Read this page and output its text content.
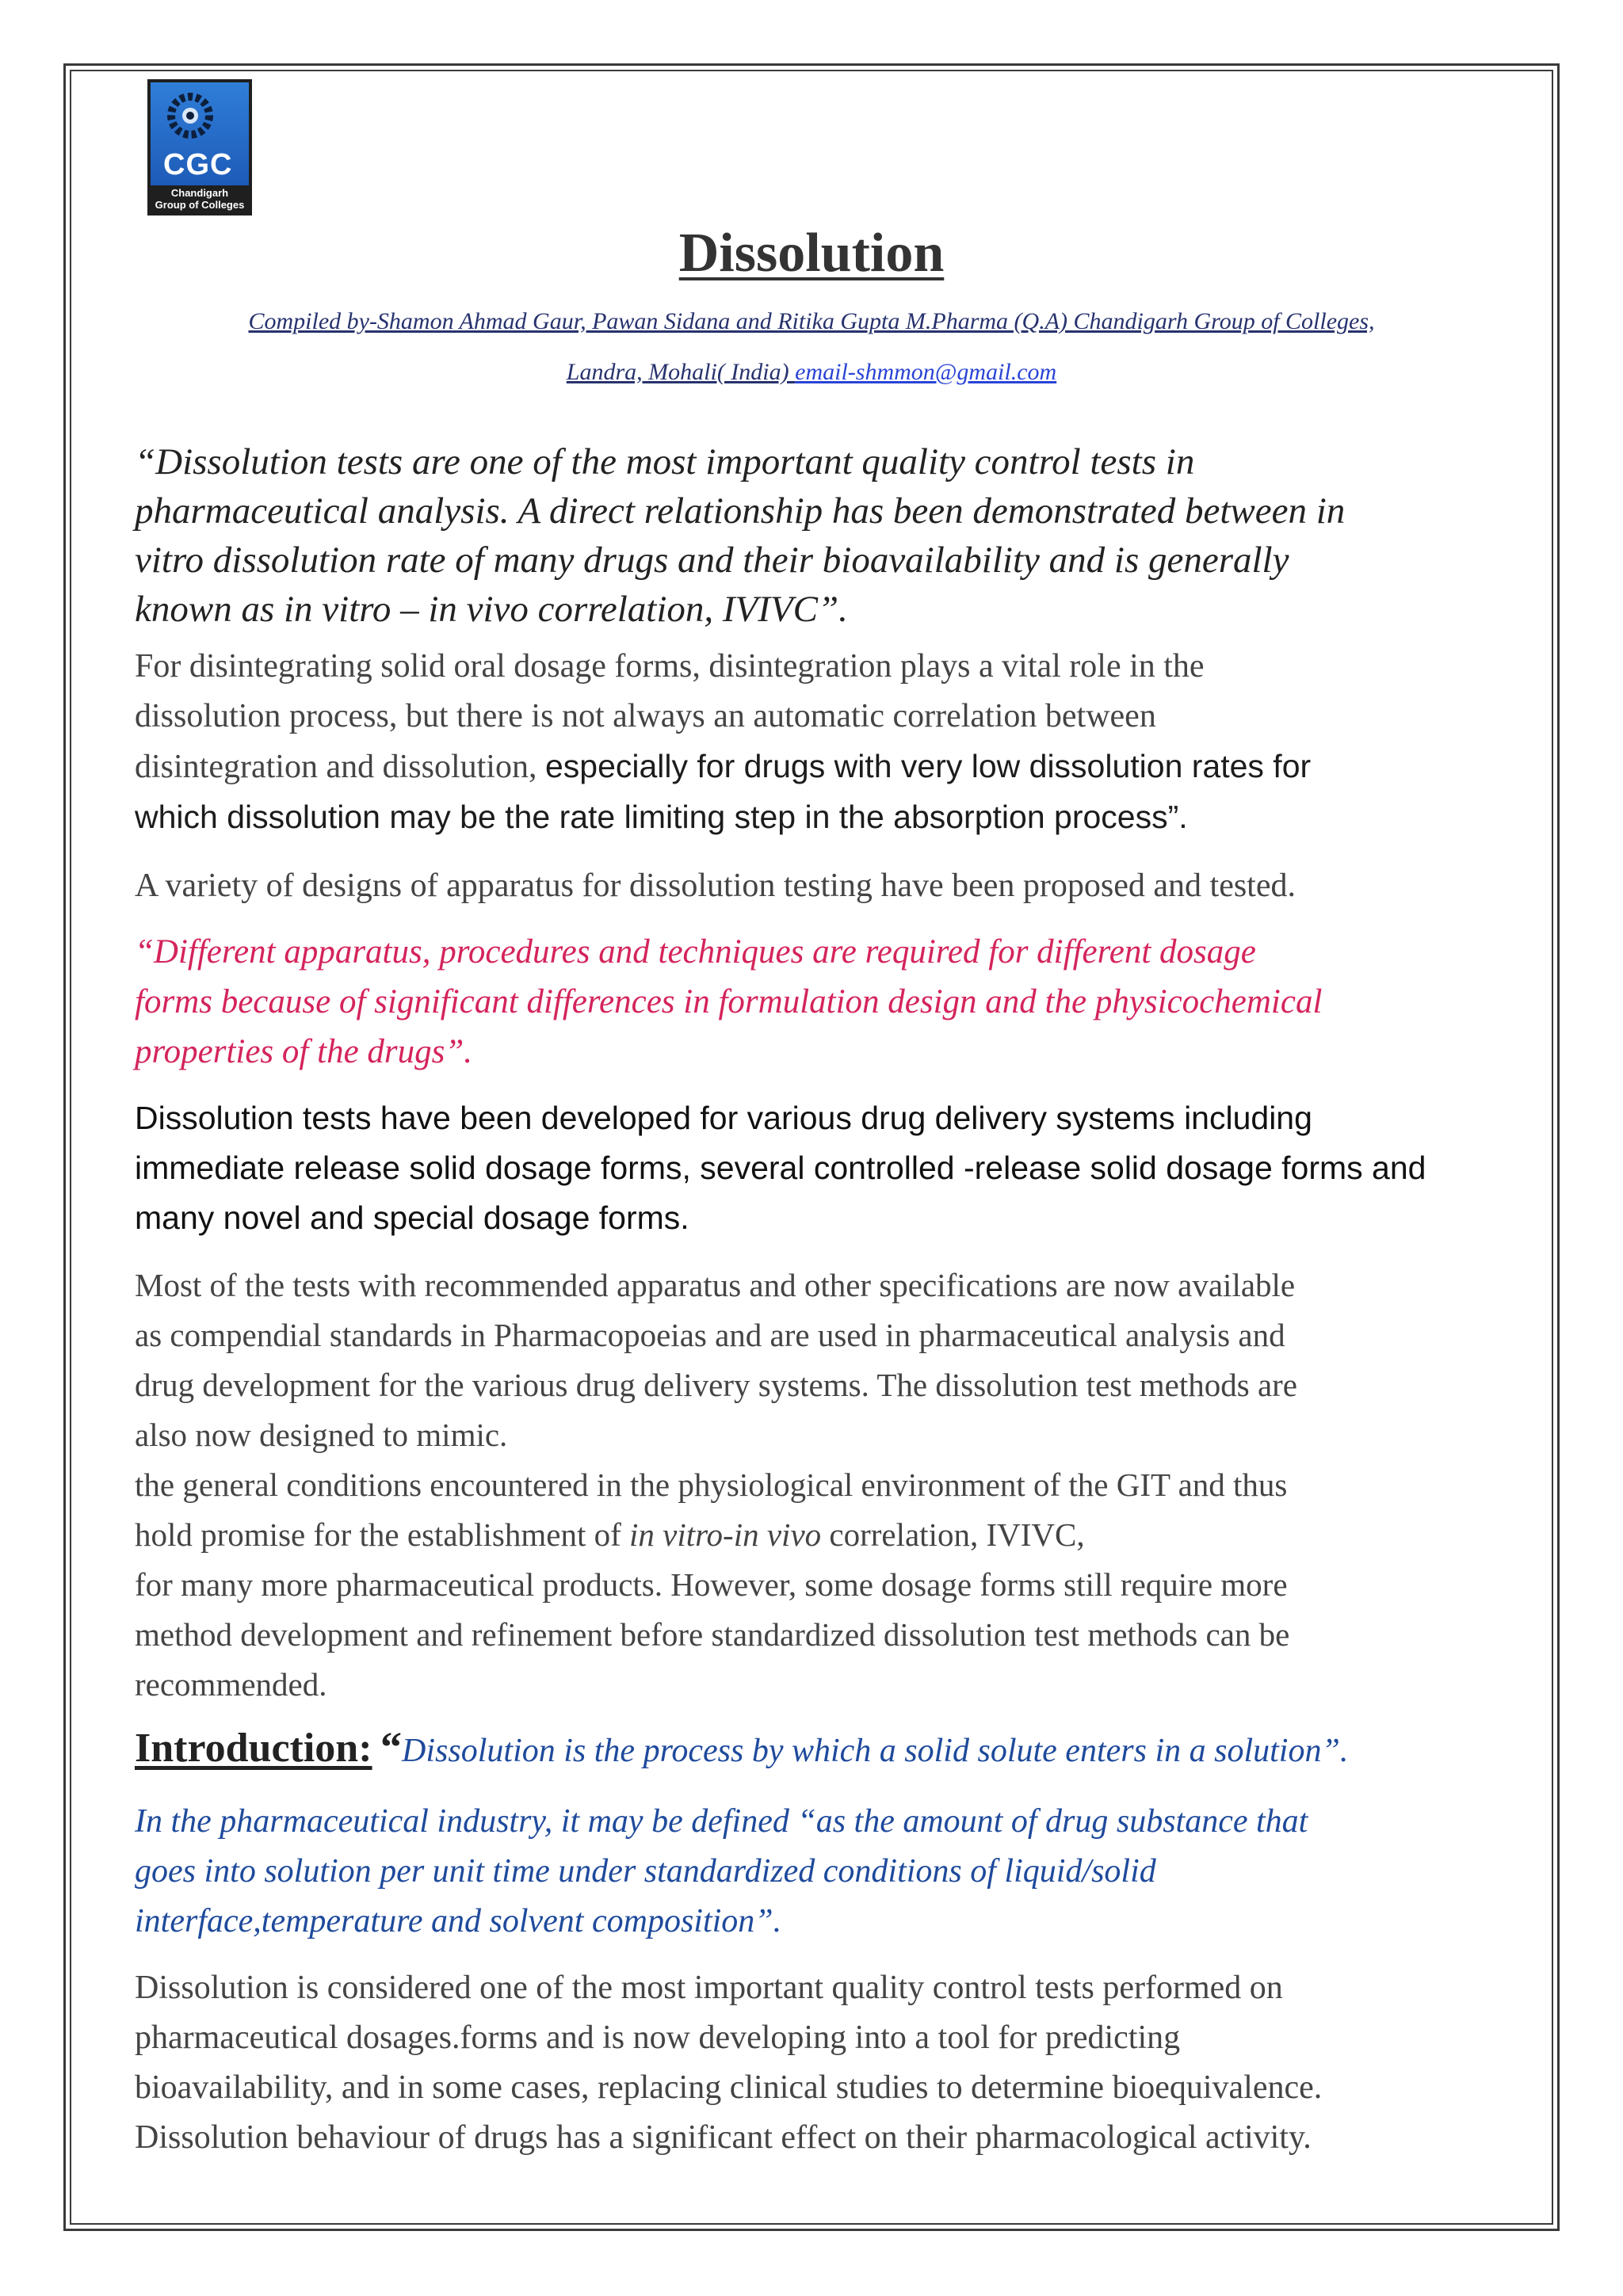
CGC
Chandigarh
Group of Colleges
Dissolution
Compiled by-Shamon Ahmad Gaur, Pawan Sidana and Ritika Gupta M.Pharma (Q.A) Chandigarh Group of Colleges,
Landra, Mohali( India) email-shmmon@gmail.com
“Dissolution tests are one of the most important quality control tests in
pharmaceutical analysis. A direct relationship has been demonstrated between in
vitro dissolution rate of many drugs and their bioavailability and is generally
known as in vitro – in vivo correlation, IVIVC”.
For disintegrating solid oral dosage forms, disintegration plays a vital role in the
dissolution process, but there is not always an automatic correlation between
disintegration and dissolution, especially for drugs with very low dissolution rates for
which dissolution may be the rate limiting step in the absorption process”.
A variety of designs of apparatus for dissolution testing have been proposed and tested.
“Different apparatus, procedures and techniques are required for different dosage
forms because of significant differences in formulation design and the physicochemical
properties of the drugs”.
Dissolution tests have been developed for various drug delivery systems including
immediate release solid dosage forms, several controlled -release solid dosage forms and
many novel and special dosage forms.
Most of the tests with recommended apparatus and other specifications are now available
as compendial standards in Pharmacopoeias and are used in pharmaceutical analysis and
drug development for the various drug delivery systems. The dissolution test methods are
also now designed to mimic.
the general conditions encountered in the physiological environment of the GIT and thus
hold promise for the establishment of in vitro-in vivo correlation, IVIVC,
for many more pharmaceutical products. However, some dosage forms still require more
method development and refinement before standardized dissolution test methods can be
recommended.
Introduction: “Dissolution is the process by which a solid solute enters in a solution”.
In the pharmaceutical industry, it may be defined “as the amount of drug substance that
goes into solution per unit time under standardized conditions of liquid/solid
interface,temperature and solvent composition”.
Dissolution is considered one of the most important quality control tests performed on
pharmaceutical dosages.forms and is now developing into a tool for predicting
bioavailability, and in some cases, replacing clinical studies to determine bioequivalence.
Dissolution behaviour of drugs has a significant effect on their pharmacological activity.
